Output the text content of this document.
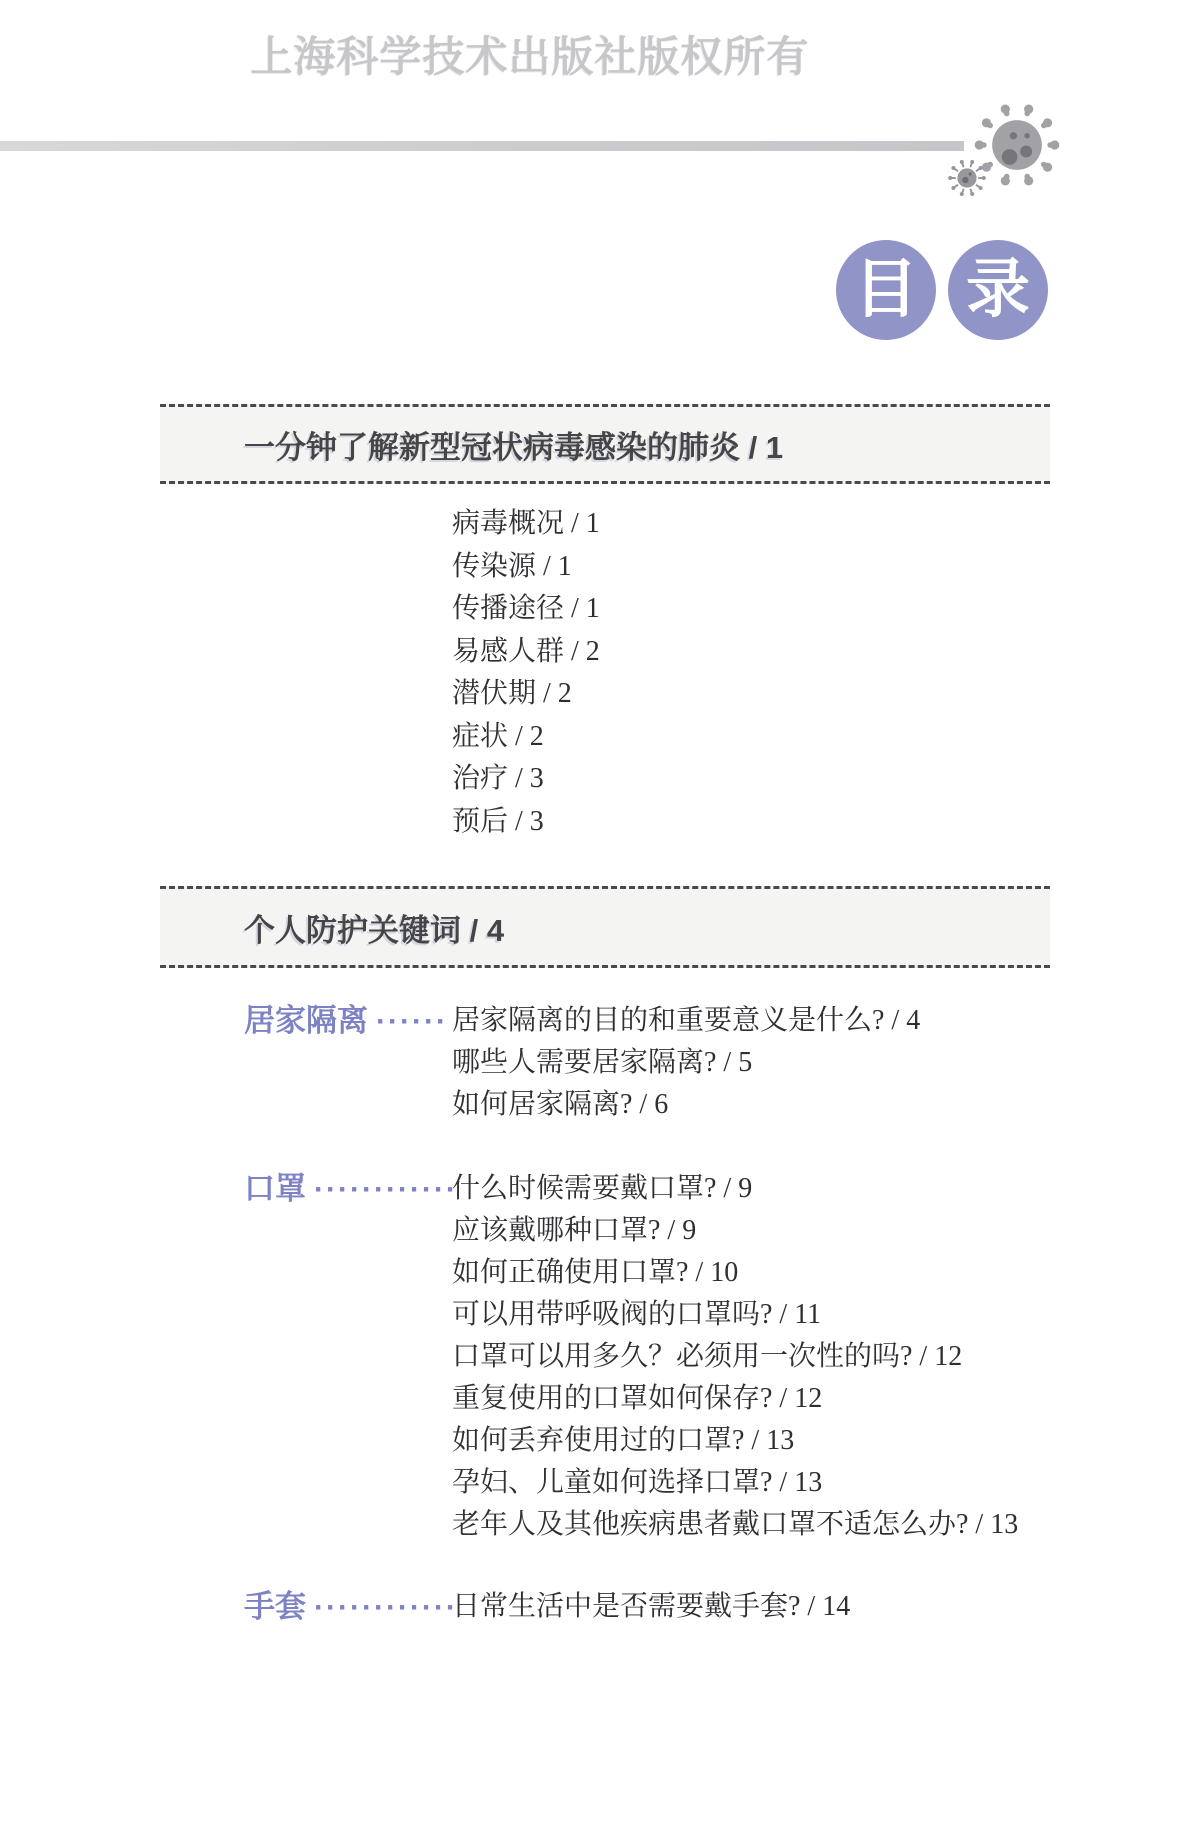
上海科学技术出版社版权所有
目 录
一分钟了解新型冠状病毒感染的肺炎 / 1
病毒概况 / 1
传染源 / 1
传播途径 / 1
易感人群 / 2
潜伏期 / 2
症状 / 2
治疗 / 3
预后 / 3
个人防护关键词 / 4
居家隔离 ······ 居家隔离的目的和重要意义是什么? / 4
哪些人需要居家隔离? / 5
如何居家隔离? / 6
口罩 ············
什么时候需要戴口罩? / 9
应该戴哪种口罩? / 9
如何正确使用口罩? / 10
可以用带呼吸阀的口罩吗? / 11
口罩可以用多久？必须用一次性的吗? / 12
重复使用的口罩如何保存? / 12
如何丢弃使用过的口罩? / 13
孕妇、儿童如何选择口罩? / 13
老年人及其他疾病患者戴口罩不适怎么办? / 13
手套 ············
日常生活中是否需要戴手套? / 14
